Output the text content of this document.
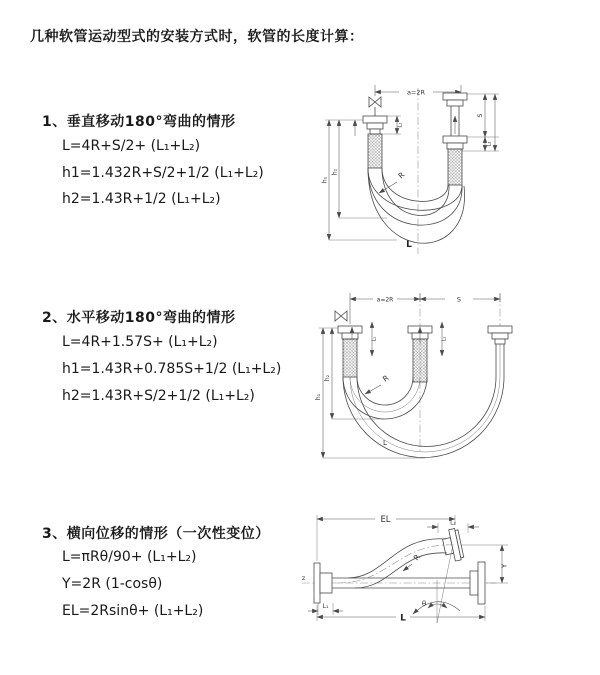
几种软管运动型式的安装方式时，软管的长度计算：
1、垂直移动180°弯曲的情形
L=4R+S/2+ (L₁+L₂)
h1=1.432R+S/2+1/2 (L₁+L₂)
h2=1.43R+1/2 (L₁+L₂)
2、水平移动180°弯曲的情形
L=4R+1.57S+ (L₁+L₂)
h1=1.43R+0.785S+1/2 (L₁+L₂)
h2=1.43R+S/2+1/2 (L₁+L₂)
3、横向位移的情形（一次性变位）
L=πRθ/90+ (L₁+L₂)
Y=2R (1-cosθ)
EL=2Rsinθ+ (L₁+L₂)
a=2R
R
h₁
h₂
L₁
S
L₂
L
a=2R	S
L₁	L₂
h₁
h₂	R
L
z
EL	L₂
Y
θ
R
L₁
L
